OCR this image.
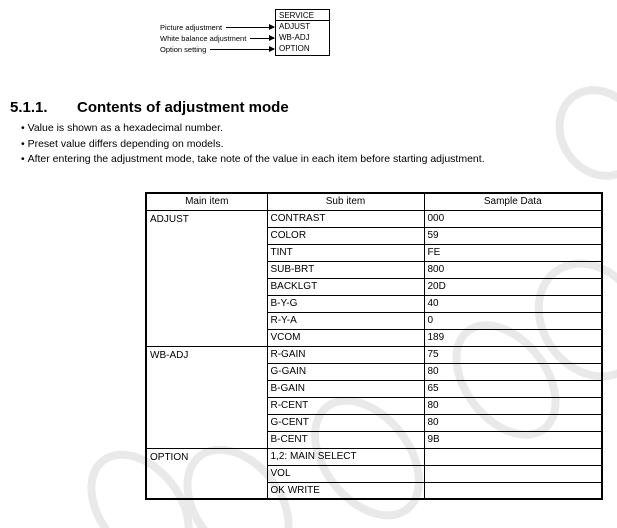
Picture adjustment
White balance adjustment
Option setting
SERVICE
ADJUST
WB-ADJ
OPTION
5.1.1.	Contents of adjustment mode
• Value is shown as a hexadecimal number.
• Preset value differs depending on models.
• After entering the adjustment mode, take note of the value in each item before starting adjustment.
Main item	Sub item	Sample Data
ADJUST	CONTRAST	000
	COLOR	59
	TINT	FE
	SUB-BRT	800
	BACKLGT	20D
	B-Y-G	40
	R-Y-A	0
	VCOM	189
WB-ADJ	R-GAIN	75
	G-GAIN	80
	B-GAIN	65
	R-CENT	80
	G-CENT	80
	B-CENT	9B
OPTION	1,2: MAIN SELECT	
	VOL	
	OK WRITE	
